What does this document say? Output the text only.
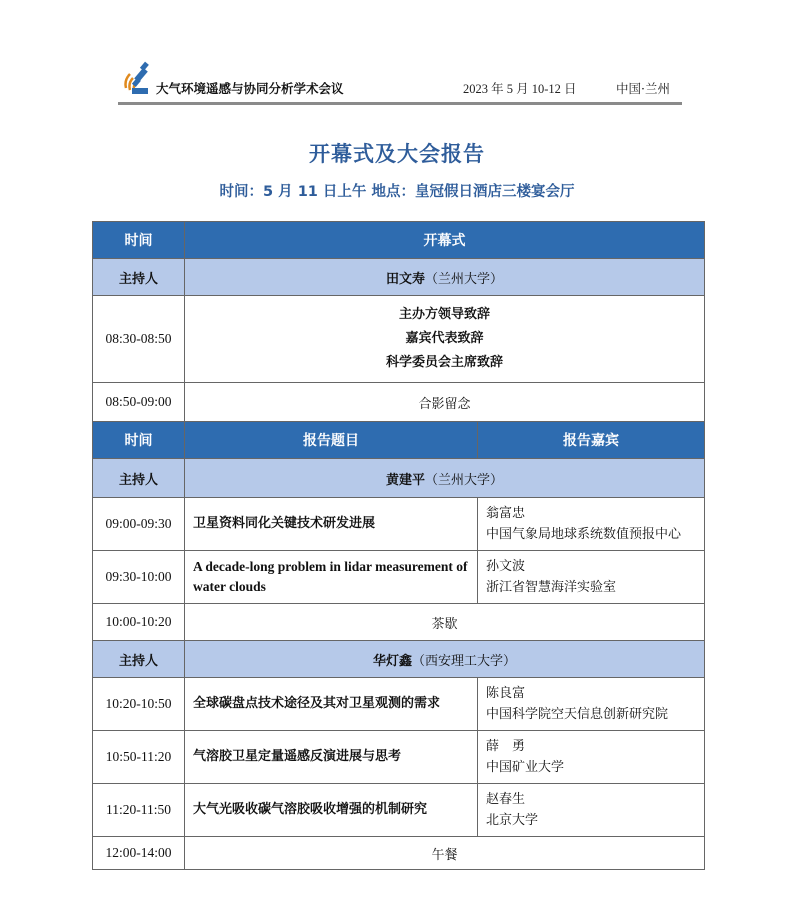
大气环境遥感与协同分析学术会议	2023 年 5 月 10-12 日	中国·兰州
开幕式及大会报告
时间：5 月 11 日上午 地点：皇冠假日酒店三楼宴会厅
时间	开幕式	
主持人	田文寿（兰州大学）	
08:30-08:50	主办方领导致辞
嘉宾代表致辞
科学委员会主席致辞	

08:50-09:00	合影留念	
时间	报告题目	报告嘉宾
主持人	黄建平（兰州大学）	
09:00-09:30	卫星资料同化关键技术研发进展	翁富忠
中国气象局地球系统数值预报中心

09:30-10:00	A decade-long problem in lidar measurement of water clouds	孙文波
浙江省智慧海洋实验室

10:00-10:20	茶歇	
主持人	华灯鑫（西安理工大学）	
10:20-10:50	全球碳盘点技术途径及其对卫星观测的需求	陈良富
中国科学院空天信息创新研究院

10:50-11:20	气溶胶卫星定量遥感反演进展与思考	薛　勇
中国矿业大学

11:20-11:50	大气光吸收碳气溶胶吸收增强的机制研究	赵春生
北京大学

12:00-14:00	午餐	
